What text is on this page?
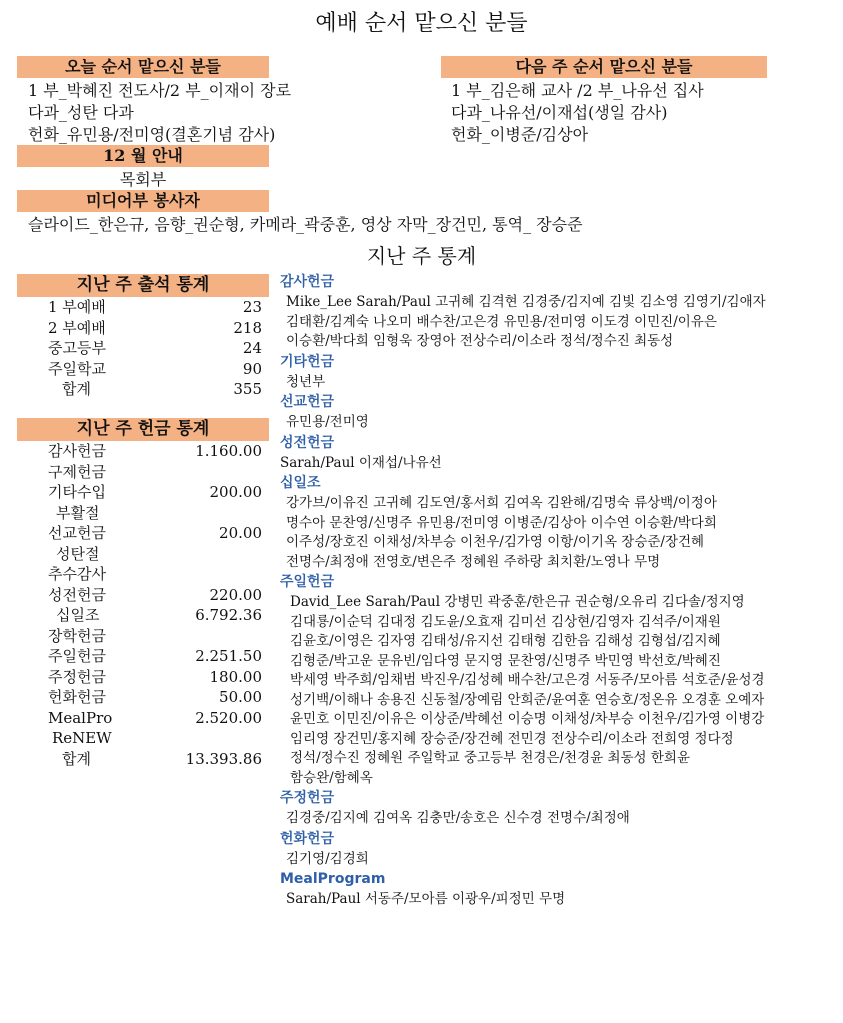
예배 순서 맡으신 분들
오늘 순서 맡으신 분들
1 부_박혜진 전도사/2 부_이재이 장로
다과_성탄 다과
헌화_유민용/전미영(결혼기념 감사)
다음 주 순서 맡으신 분들
1 부_김은해 교사 /2 부_나유선 집사
다과_나유선/이재섭(생일 감사)
헌화_이병준/김상아
12 월 안내
목회부
미디어부 봉사자
슬라이드_한은규, 음향_권순형, 카메라_곽중훈, 영상 자막_장건민, 통역_ 장승준
지난 주 통계
지난 주 출석 통계
1 부예배	23
2 부예배	218
중고등부	24
주일학교	90
합계	355
지난 주 헌금 통계
감사헌금	1.160.00
구제헌금
기타수입	200.00
부활절
선교헌금	20.00
성탄절
추수감사
성전헌금	220.00
십일조	6.792.36
장학헌금
주일헌금	2.251.50
주정헌금	180.00
헌화헌금	50.00
MealPro	2.520.00
ReNEW
합계	13.393.86
감사헌금
Mike_Lee Sarah/Paul 고귀혜 김격현 김경중/김지예 김빛 김소영 김영기/김애자
김태환/김계숙 나오미 배수찬/고은경 유민용/전미영 이도경 이민진/이유은
이승환/박다희 임형욱 장영아 전상수리/이소라 정석/정수진 최동성
기타헌금
청년부
선교헌금
유민용/전미영
성전헌금
Sarah/Paul 이재섭/나유선
십일조
강가브/이유진 고귀혜 김도연/홍서희 김여옥 김완해/김명숙 류상백/이정아
명수아 문찬영/신명주 유민용/전미영 이병준/김상아 이수연 이승환/박다희
이주성/장호진 이채성/차부승 이천우/김가영 이항/이기옥 장승준/장건혜
전명수/최정애 전영호/변은주 정혜원 주하랑 최치환/노영나 무명
주일헌금
David_Lee Sarah/Paul 강병민 곽중훈/한은규 권순형/오유리 김다솔/정지영
김대룡/이순덕 김대정 김도윤/오효재 김미선 김상현/김영자 김석주/이재원
김윤호/이영은 김자영 김태성/유지선 김태형 김한음 김해성 김형섭/김지혜
김형준/박고운 문유빈/임다영 문지영 문찬영/신명주 박민영 박선호/박혜진
박세영 박주희/임채범 박진우/김성혜 배수찬/고은경 서동주/모아름 석호준/윤성경
성기백/이해나 송용진 신동철/장예림 안희준/윤여훈 연승호/정온유 오경훈 오예자
윤민호 이민진/이유은 이상준/박혜선 이승명 이채성/차부승 이천우/김가영 이병강
임리영 장건민/홍지혜 장승준/장건혜 전민경 전상수리/이소라 전희영 정다정
정석/정수진 정혜원 주일학교 중고등부 천경은/천경윤 최동성 한희윤
함승완/함혜옥
주정헌금
김경중/김지예 김여옥 김충만/송호은 신수경 전명수/최정애
헌화헌금
김기영/김경희
MealProgram
Sarah/Paul 서동주/모아름 이광우/피정민 무명
